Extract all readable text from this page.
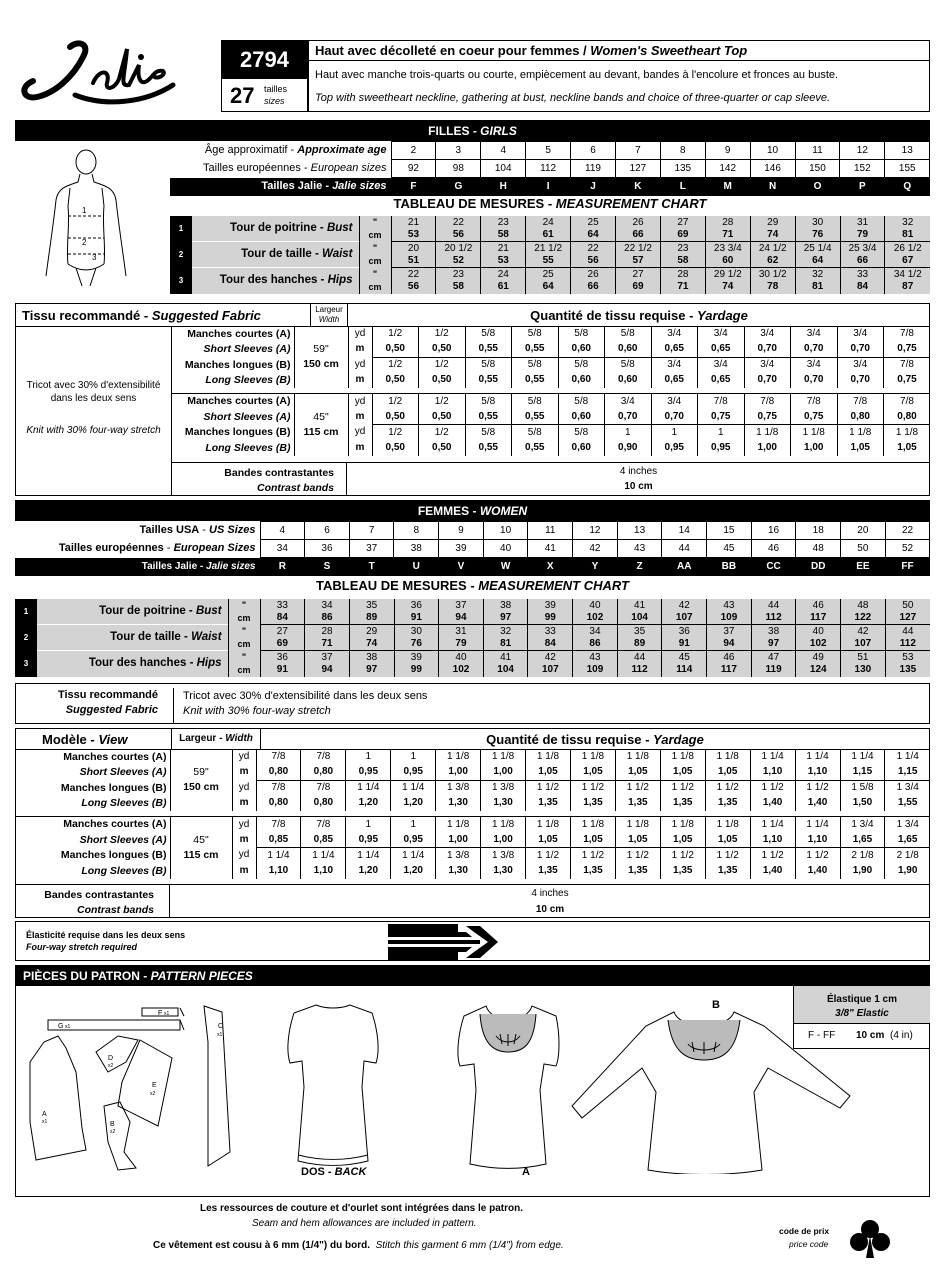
2794
27 tailles
sizes
Haut avec décolleté en coeur pour femmes / Women's Sweetheart Top
Haut avec manche trois-quarts ou courte, empiècement au devant, bandes à l'encolure et fronces au buste.
Top with sweetheart neckline, gathering at bust, neckline bands and choice of three-quarter or cap sleeve.
FILLES - GIRLS
1
2
3
Âge approximatif - Approximate age	2	3	4	5	6	7	8	9	10	11	12	13
Tailles européennes - European sizes	92	98	104	112	119	127	135	142	146	150	152	155
Tailles Jalie - Jalie sizes	F	G	H	I	J	K	L	M	N	O	P	Q
TABLEAU DE MESURES - MEASUREMENT CHART
1	Tour de poitrine - Bust	"	21	22	23	24	25	26	27	28	29	30	31	32
		cm	53	56	58	61	64	66	69	71	74	76	79	81
2	Tour de taille - Waist	"	20	20 1/2	21	21 1/2	22	22 1/2	23	23 3/4	24 1/2	25 1/4	25 3/4	26 1/2
		cm	51	52	53	55	56	57	58	60	62	64	66	67
3	Tour des hanches - Hips	"	22	23	24	25	26	27	28	29 1/2	30 1/2	32	33	34 1/2
		cm	56	58	61	64	66	69	71	74	78	81	84	87
Tissu recommandé - Suggested Fabric	Largeur
Width	Quantité de tissu requise - Yardage
Tricot avec 30% d'extensibilité dans les deux sens
Knit with 30% four-way stretch
Manches courtes (A)	59"
150 cm	yd	1/2	1/2	5/8	5/8	5/8	5/8	3/4	3/4	3/4	3/4	3/4	7/8
Short Sleeves (A)		m	0,50	0,50	0,55	0,55	0,60	0,60	0,65	0,65	0,70	0,70	0,70	0,75
Manches longues (B)		yd	1/2	1/2	5/8	5/8	5/8	5/8	3/4	3/4	3/4	3/4	3/4	7/8
Long Sleeves (B)		m	0,50	0,50	0,55	0,55	0,60	0,60	0,65	0,65	0,70	0,70	0,70	0,75
Manches courtes (A)	45"
115 cm	yd	1/2	1/2	5/8	5/8	5/8	3/4	3/4	7/8	7/8	7/8	7/8	7/8
Short Sleeves (A)		m	0,50	0,50	0,55	0,55	0,60	0,70	0,70	0,75	0,75	0,75	0,80	0,80
Manches longues (B)		yd	1/2	1/2	5/8	5/8	5/8	1	1	1	1 1/8	1 1/8	1 1/8	1 1/8
Long Sleeves (B)		m	0,50	0,50	0,55	0,55	0,60	0,90	0,95	0,95	1,00	1,00	1,05	1,05
Bandes contrastantes
Contrast bands
4 inches
10 cm
FEMMES - WOMEN
Tailles USA - US Sizes	4	6	7	8	9	10	11	12	13	14	15	16	18	20	22
Tailles européennes - European Sizes	34	36	37	38	39	40	41	42	43	44	45	46	48	50	52
Tailles Jalie - Jalie sizes	R	S	T	U	V	W	X	Y	Z	AA	BB	CC	DD	EE	FF
TABLEAU DE MESURES - MEASUREMENT CHART
1	Tour de poitrine - Bust	"	33	34	35	36	37	38	39	40	41	42	43	44	46	48	50
		cm	84	86	89	91	94	97	99	102	104	107	109	112	117	122	127
2	Tour de taille - Waist	"	27	28	29	30	31	32	33	34	35	36	37	38	40	42	44
		cm	69	71	74	76	79	81	84	86	89	91	94	97	102	107	112
3	Tour des hanches - Hips	"	36	37	38	39	40	41	42	43	44	45	46	47	49	51	53
		cm	91	94	97	99	102	104	107	109	112	114	117	119	124	130	135
Tissu recommandé
Suggested Fabric
Tricot avec 30% d'extensibilité dans les deux sens
Knit with 30% four-way stretch
Modèle - View	Largeur - Width	Quantité de tissu requise - Yardage
Manches courtes (A)	59"
150 cm	yd	7/8	7/8	1	1	1 1/8	1 1/8	1 1/8	1 1/8	1 1/8	1 1/8	1 1/8	1 1/4	1 1/4	1 1/4	1 1/4
Short Sleeves (A)		m	0,80	0,80	0,95	0,95	1,00	1,00	1,05	1,05	1,05	1,05	1,05	1,10	1,10	1,15	1,15
Manches longues (B)		yd	7/8	7/8	1 1/4	1 1/4	1 3/8	1 3/8	1 1/2	1 1/2	1 1/2	1 1/2	1 1/2	1 1/2	1 1/2	1 5/8	1 3/4
Long Sleeves (B)		m	0,80	0,80	1,20	1,20	1,30	1,30	1,35	1,35	1,35	1,35	1,35	1,40	1,40	1,50	1,55
Manches courtes (A)	45"
115 cm	yd	7/8	7/8	1	1	1 1/8	1 1/8	1 1/8	1 1/8	1 1/8	1 1/8	1 1/8	1 1/4	1 1/4	1 3/4	1 3/4
Short Sleeves (A)		m	0,85	0,85	0,95	0,95	1,00	1,00	1,05	1,05	1,05	1,05	1,05	1,10	1,10	1,65	1,65
Manches longues (B)		yd	1 1/4	1 1/4	1 1/4	1 1/4	1 3/8	1 3/8	1 1/2	1 1/2	1 1/2	1 1/2	1 1/2	1 1/2	1 1/2	2 1/8	2 1/8
Long Sleeves (B)		m	1,10	1,10	1,20	1,20	1,30	1,30	1,35	1,35	1,35	1,35	1,35	1,40	1,40	1,90	1,90
Bandes contrastantes
Contrast bands
4 inches
10 cm
Élasticité requise dans les deux sens
Four-way stretch required
PIÈCES DU PATRON - PATTERN PIECES
G x1
F x1
C
x1
A
x1
D
x2
E
x2
B
x2
DOS - BACK	A
B	Élastique 1 cm
3/8" Elastic
F - FF 10 cm (4 in)
Les ressources de couture et d'ourlet sont intégrées dans le patron.
Seam and hem allowances are included in pattern.
Ce vêtement est cousu à 6 mm (1/4") du bord. Stitch this garment 6 mm (1/4") from edge.
code de prix
price code
